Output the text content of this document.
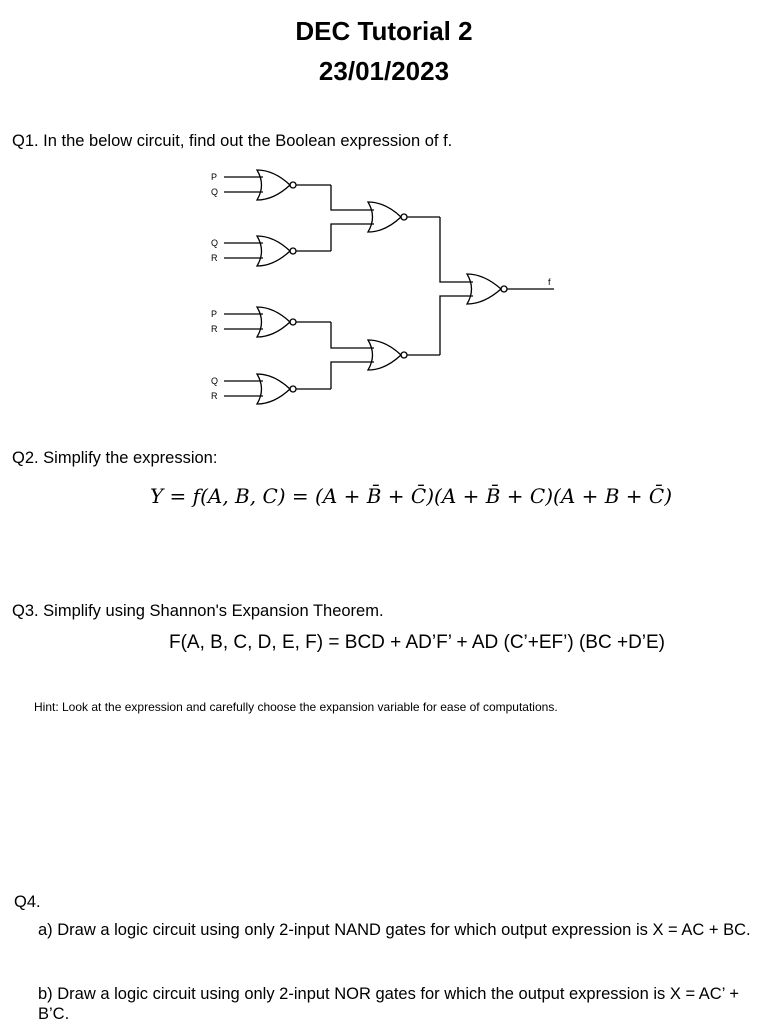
DEC Tutorial 2
23/01/2023
Q1. In the below circuit, find out the Boolean expression of f.
P
Q
Q
R
P
R
Q
R
f
Q2. Simplify the expression:
Y = f(A, B, C) = (A + B̄ + C̄)(A + B̄ + C)(A + B + C̄)
Q3. Simplify using Shannon's Expansion Theorem.
F(A, B, C, D, E, F) = BCD + AD’F’ + AD (C’+EF’) (BC +D’E)
Hint: Look at the expression and carefully choose the expansion variable for ease of computations.
Q4.
a) Draw a logic circuit using only 2-input NAND gates for which output expression is X = AC + BC.
b) Draw a logic circuit using only 2-input NOR gates for which the output expression is X = AC’ + B’C.
